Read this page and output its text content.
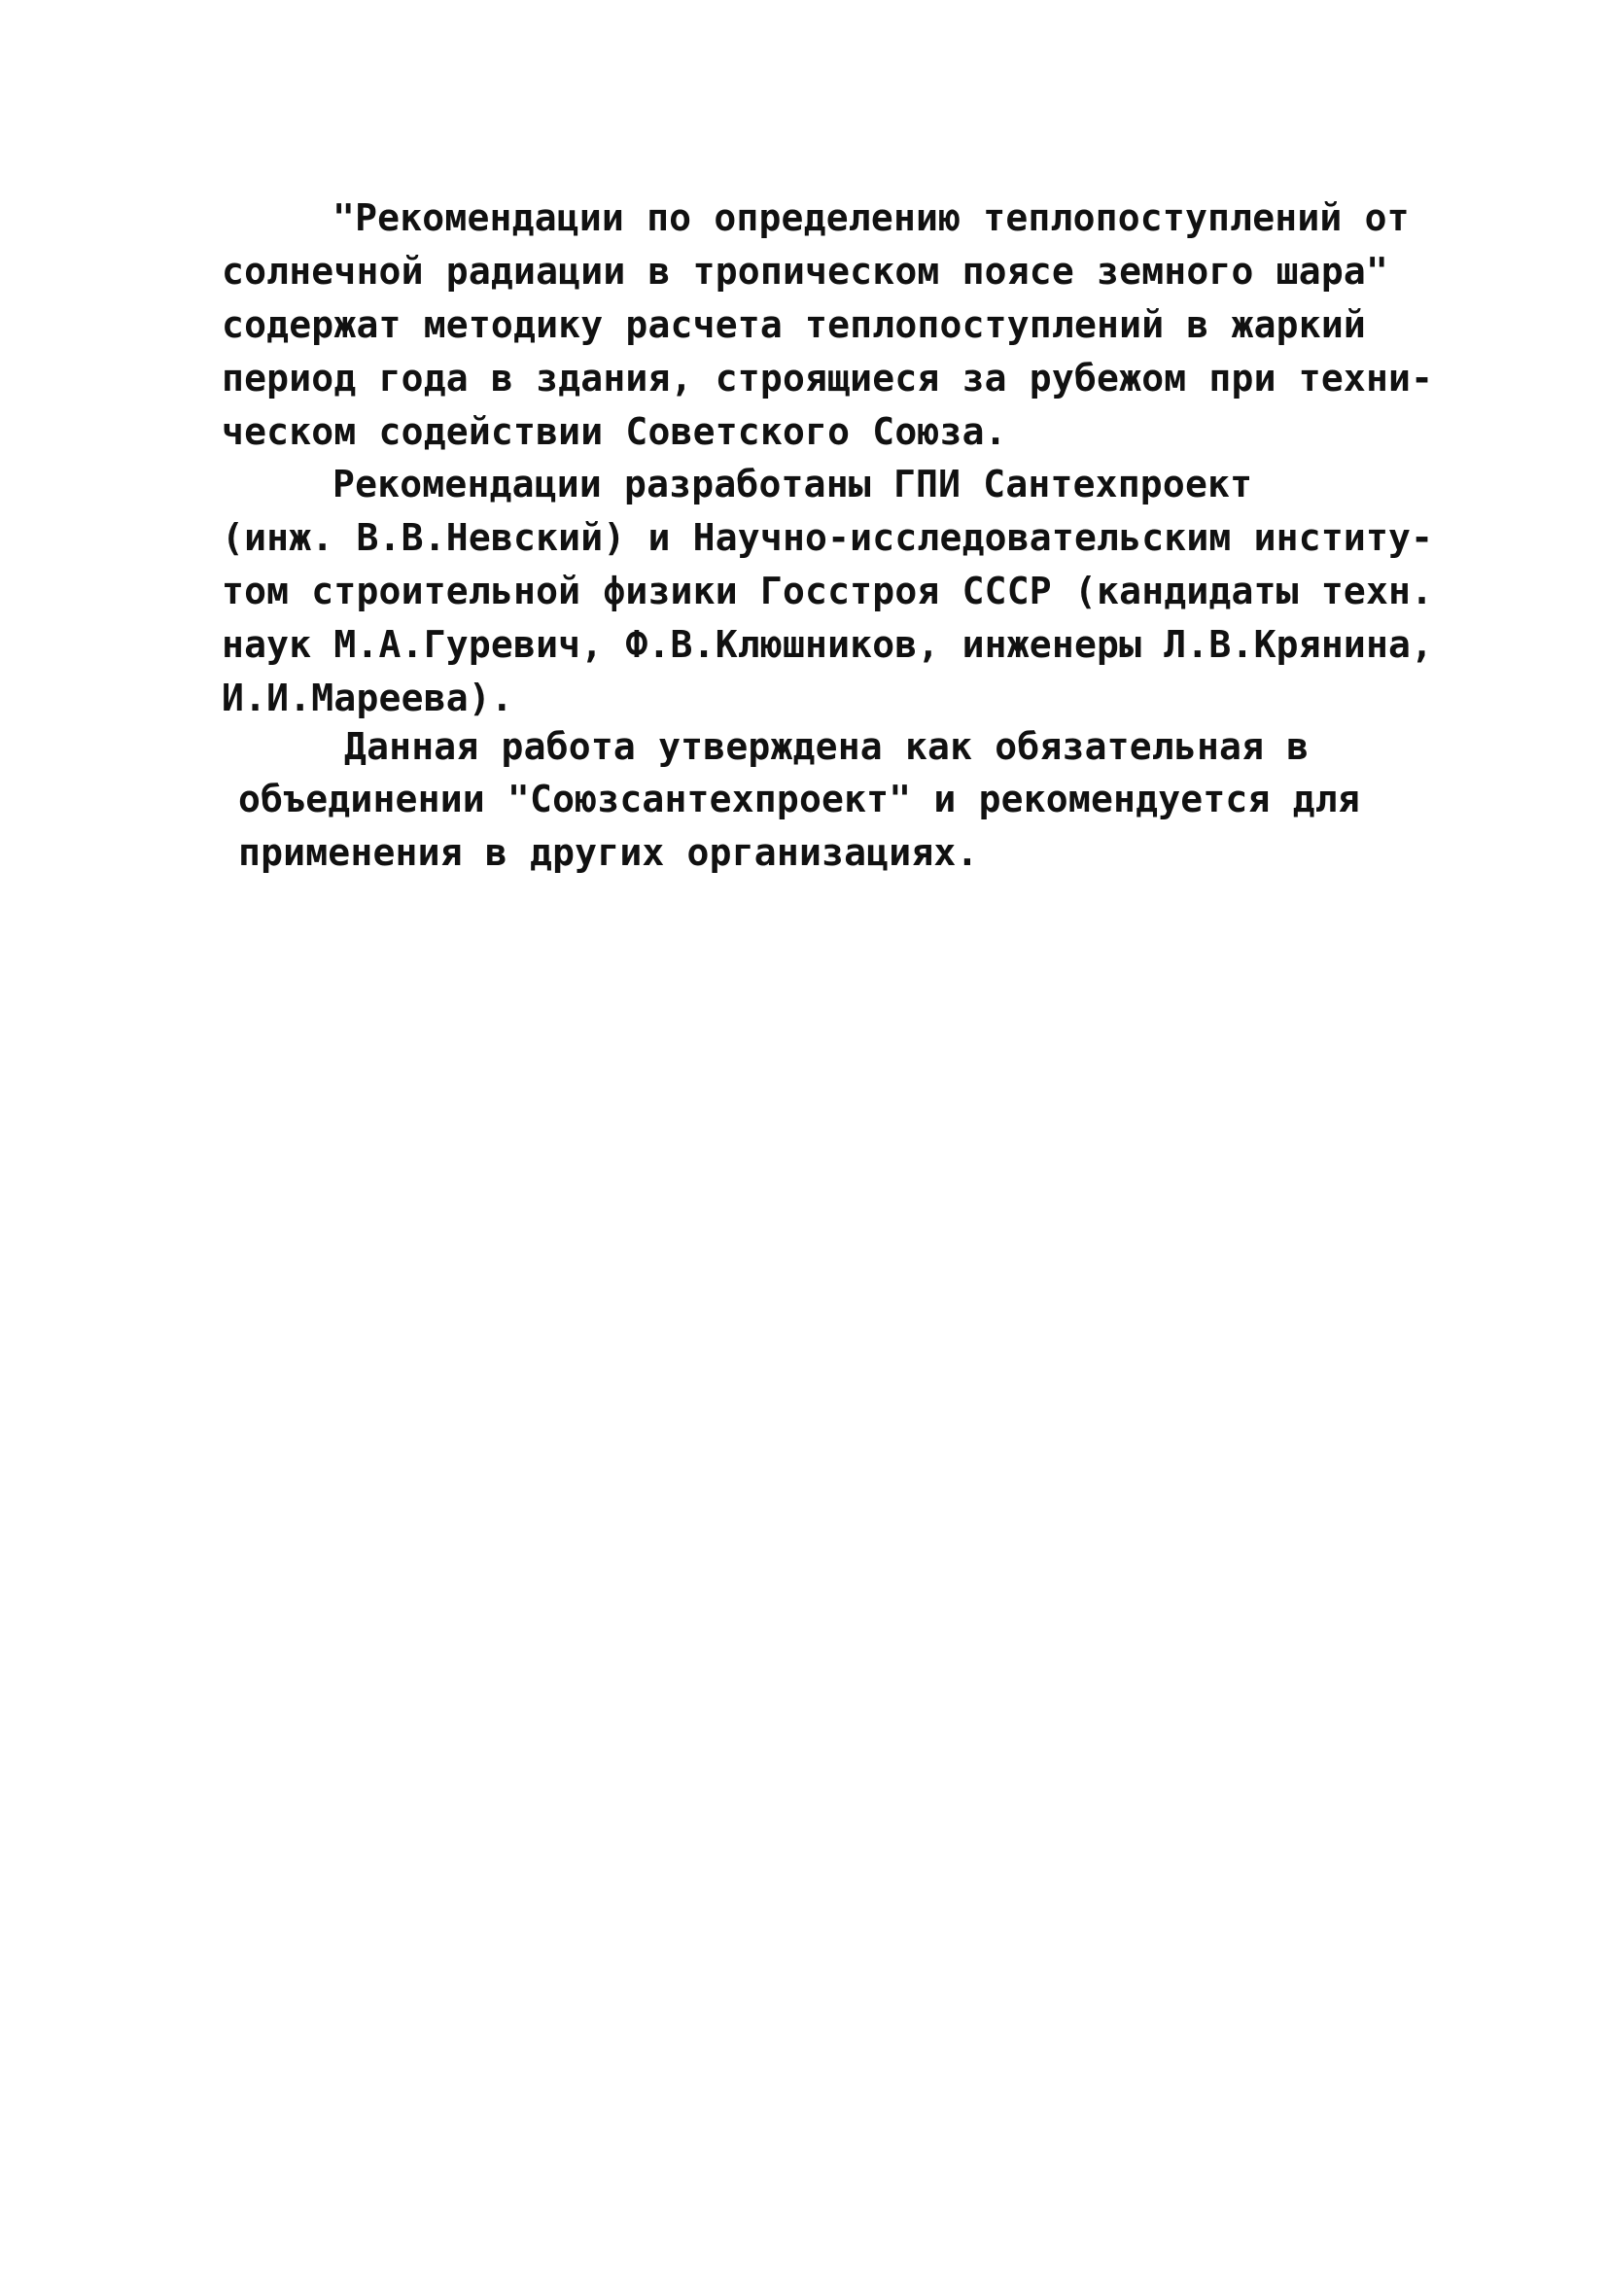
"Рекомендации по определению теплопоступлений от

солнечной радиации в тропическом поясе земного шара"

содержат методику расчета теплопоступлений в жаркий

период года в здания, строящиеся за рубежом при техни-

ческом содействии Советского Союза.

Рекомендации разработаны ГПИ Сантехпроект

(инж. В.В.Невский) и Научно-исследовательским институ-

том строительной физики Госстроя СССР (кандидаты техн.

наук М.А.Гуревич, Ф.В.Клюшников, инженеры Л.В.Крянина,

И.И.Мареева).

Данная работа утверждена как обязательная в

объединении "Союзсантехпроект" и рекомендуется для

применения в других организациях.
